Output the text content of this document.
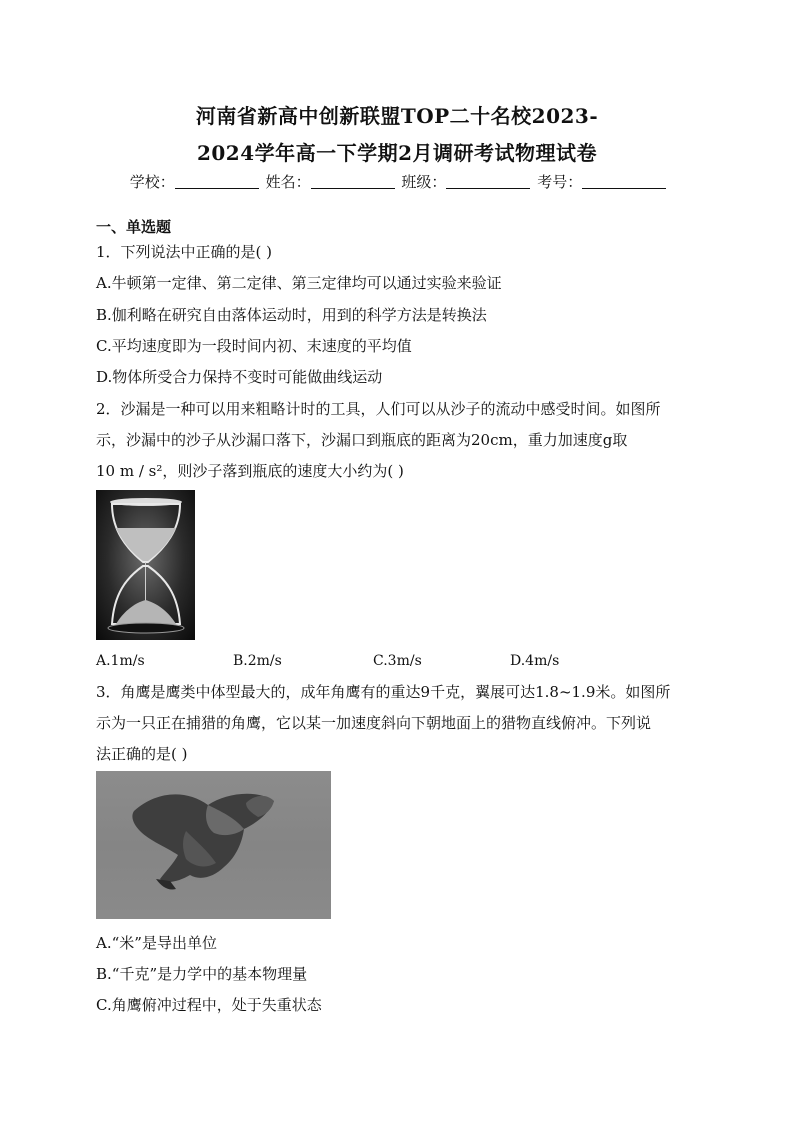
河南省新高中创新联盟TOP二十名校2023-
2024学年高一下学期2月调研考试物理试卷
学校：	姓名：	班级：	考号：
一、单选题
1．下列说法中正确的是( )
A.牛顿第一定律、第二定律、第三定律均可以通过实验来验证
B.伽利略在研究自由落体运动时，用到的科学方法是转换法
C.平均速度即为一段时间内初、末速度的平均值
D.物体所受合力保持不变时可能做曲线运动
2．沙漏是一种可以用来粗略计时的工具，人们可以从沙子的流动中感受时间。如图所
示，沙漏中的沙子从沙漏口落下，沙漏口到瓶底的距离为20cm，重力加速度g取
10 m / s²，则沙子落到瓶底的速度大小约为( )
A.1m/s	B.2m/s	C.3m/s	D.4m/s
3．角鹰是鹰类中体型最大的，成年角鹰有的重达9千克，翼展可达1.8~1.9米。如图所
示为一只正在捕猎的角鹰，它以某一加速度斜向下朝地面上的猎物直线俯冲。下列说
法正确的是( )
A.“米”是导出单位
B.“千克”是力学中的基本物理量
C.角鹰俯冲过程中，处于失重状态
